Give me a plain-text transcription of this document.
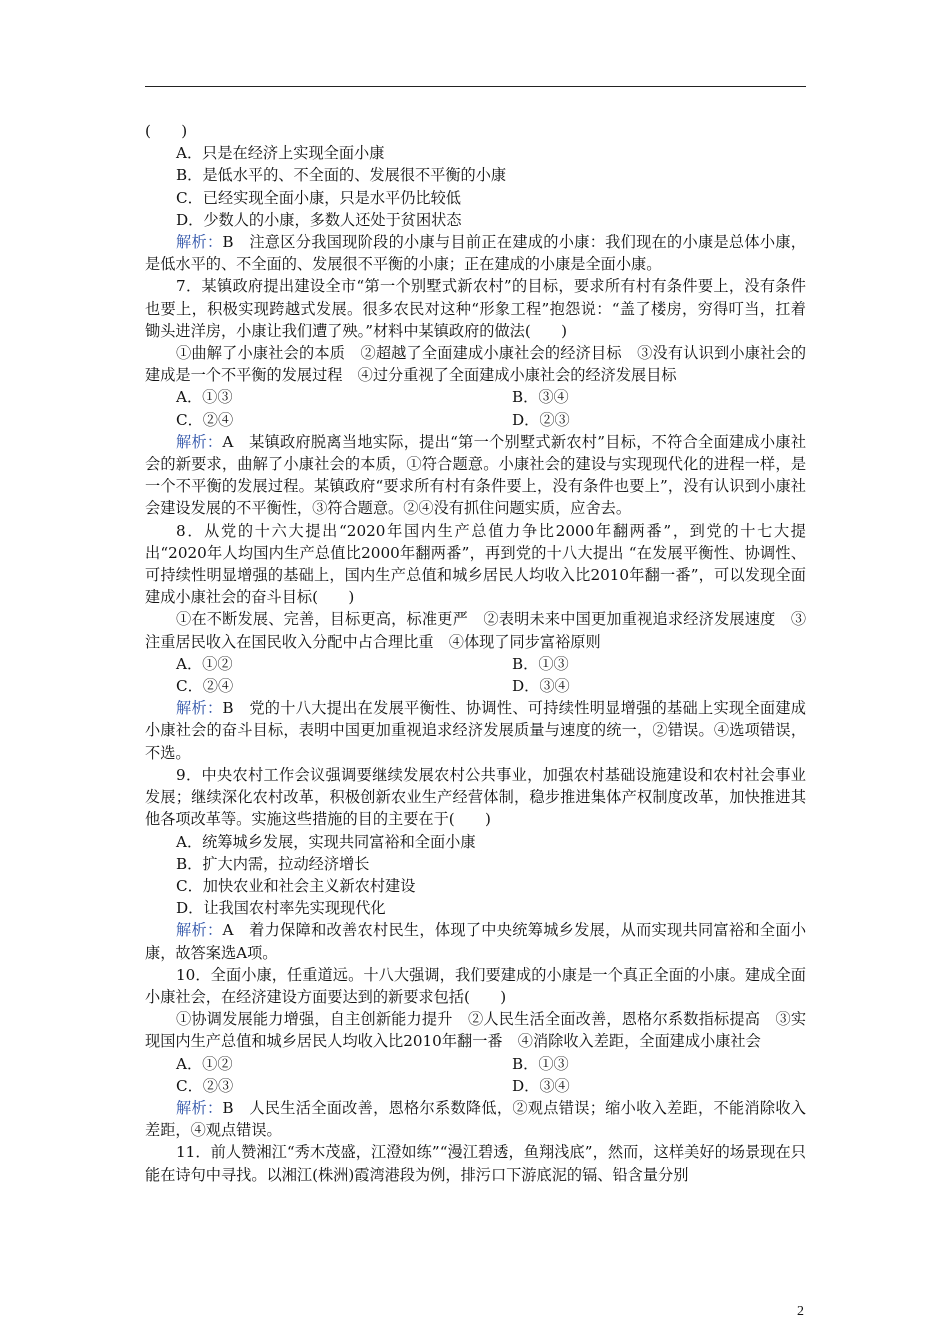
(　　)

A．只是在经济上实现全面小康

B．是低水平的、不全面的、发展很不平衡的小康

C．已经实现全面小康，只是水平仍比较低

D．少数人的小康，多数人还处于贫困状态

解析：B　注意区分我国现阶段的小康与目前正在建成的小康：我们现在的小康是总体小康，是低水平的、不全面的、发展很不平衡的小康；正在建成的小康是全面小康。

7．某镇政府提出建设全市“第一个别墅式新农村”的目标，要求所有村有条件要上，没有条件也要上，积极实现跨越式发展。很多农民对这种“形象工程”抱怨说：“盖了楼房，穷得叮当，扛着锄头进洋房，小康让我们遭了殃。”材料中某镇政府的做法(　　)

①曲解了小康社会的本质　②超越了全面建成小康社会的经济目标　③没有认识到小康社会的建成是一个不平衡的发展过程　④过分重视了全面建成小康社会的经济发展目标

A．①③	B．③④
C．②④	D．②③

解析：A　某镇政府脱离当地实际，提出“第一个别墅式新农村”目标，不符合全面建成小康社会的新要求，曲解了小康社会的本质，①符合题意。小康社会的建设与实现现代化的进程一样，是一个不平衡的发展过程。某镇政府“要求所有村有条件要上，没有条件也要上”，没有认识到小康社会建设发展的不平衡性，③符合题意。②④没有抓住问题实质，应舍去。

8．从党的十六大提出“2020年国内生产总值力争比2000年翻两番”，到党的十七大提出“2020年人均国内生产总值比2000年翻两番”，再到党的十八大提出 “在发展平衡性、协调性、可持续性明显增强的基础上，国内生产总值和城乡居民人均收入比2010年翻一番”，可以发现全面建成小康社会的奋斗目标(　　)

①在不断发展、完善，目标更高，标准更严　②表明未来中国更加重视追求经济发展速度　③注重居民收入在国民收入分配中占合理比重　④体现了同步富裕原则

A．①②	B．①③
C．②④	D．③④

解析：B　党的十八大提出在发展平衡性、协调性、可持续性明显增强的基础上实现全面建成小康社会的奋斗目标，表明中国更加重视追求经济发展质量与速度的统一，②错误。④选项错误，不选。

9．中央农村工作会议强调要继续发展农村公共事业，加强农村基础设施建设和农村社会事业发展；继续深化农村改革，积极创新农业生产经营体制，稳步推进集体产权制度改革，加快推进其他各项改革等。实施这些措施的目的主要在于(　　)

A．统筹城乡发展，实现共同富裕和全面小康

B．扩大内需，拉动经济增长

C．加快农业和社会主义新农村建设

D．让我国农村率先实现现代化

解析：A　着力保障和改善农村民生，体现了中央统筹城乡发展，从而实现共同富裕和全面小康，故答案选A项。

10．全面小康，任重道远。十八大强调，我们要建成的小康是一个真正全面的小康。建成全面小康社会，在经济建设方面要达到的新要求包括(　　)

①协调发展能力增强，自主创新能力提升　②人民生活全面改善，恩格尔系数指标提高　③实现国内生产总值和城乡居民人均收入比2010年翻一番　④消除收入差距，全面建成小康社会

A．①②	B．①③
C．②③	D．③④

解析：B　人民生活全面改善，恩格尔系数降低，②观点错误；缩小收入差距，不能消除收入差距，④观点错误。

11．前人赞湘江“秀木茂盛，江澄如练”“漫江碧透，鱼翔浅底”，然而，这样美好的场景现在只能在诗句中寻找。以湘江(株洲)霞湾港段为例，排污口下游底泥的镉、铅含量分别

2
